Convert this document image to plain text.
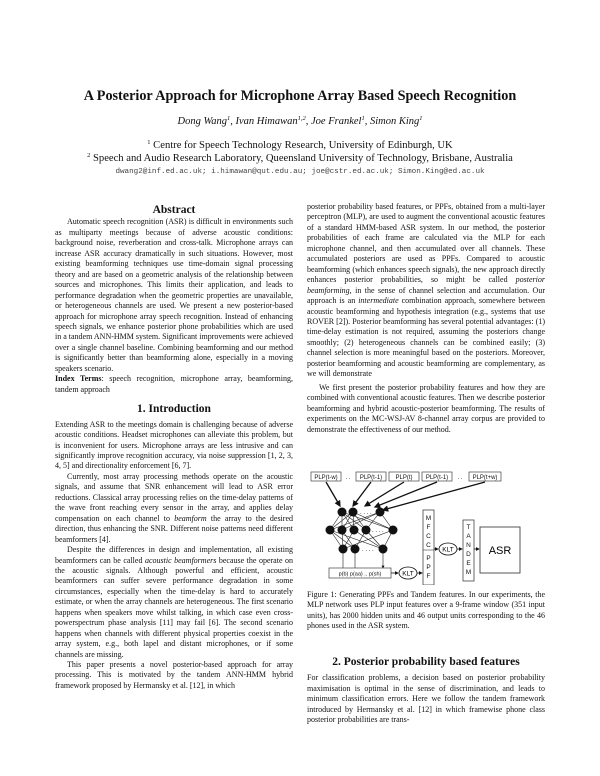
A Posterior Approach for Microphone Array Based Speech Recognition
Dong Wang$^1$, Ivan Himawan$^{1,2}$, Joe Frankel$^1$, Simon King$^1$
$^1$ Centre for Speech Technology Research, University of Edinburgh, UK
$^2$ Speech and Audio Research Laboratory, Queensland University of Technology, Brisbane, Australia
dwang2@inf.ed.ac.uk; i.himawan@qut.edu.au; joe@cstr.ed.ac.uk; Simon.King@ed.ac.uk
Abstract

Automatic speech recognition (ASR) is difficult in environments such as multiparty meetings because of adverse acoustic conditions: background noise, reverberation and cross-talk. Microphone arrays can increase ASR accuracy dramatically in such situations. However, most existing beamforming techniques use time-domain signal processing theory and are based on a geometric analysis of the relationship between sources and microphones. This limits their application, and leads to performance degradation when the geometric properties are unavailable, or heterogeneous channels are used. We present a new posterior-based approach for microphone array speech recognition. Instead of enhancing speech signals, we enhance posterior phone probabilities which are used in a tandem ANN-HMM system. Significant improvements were achieved over a single channel baseline. Combining beamforming and our method is significantly better than beamforming alone, especially in a moving speakers scenario.

Index Terms: speech recognition, microphone array, beamforming, tandem approach

1. Introduction

Extending ASR to the meetings domain is challenging because of adverse acoustic conditions. Headset microphones can alleviate this problem, but is inconvenient for users. Microphone arrays are less intrusive and can significantly improve recognition accuracy, via noise suppression [1, 2, 3, 4, 5] and directionality enforcement [6, 7].

Currently, most array processing methods operate on the acoustic signals, and assume that SNR enhancement will lead to ASR error reductions. Classical array processing relies on the time-delay patterns of the wave front reaching every sensor in the array, and applies delay compensation on each channel to beamform the array to the desired direction, thus enhancing the SNR. Different noise patterns need different beamformers [4].

Despite the differences in design and implementation, all existing beamformers can be called acoustic beamformers because the operate on the acoustic signals. Although powerful and efficient, acoustic beamformers can suffer severe performance degradation in some circumstances, especially when the time-delay is hard to accurately estimate, or when the array channels are heterogeneous. The first scenario happens when speakers move whilst talking, in which case even cross-powerspectrum phase analysis [11] may fail [6]. The second scenario happens when channels with different physical properties coexist in the array system, e.g., both lapel and distant microphones, or if some channels are missing.

This paper presents a novel posterior-based approach for array processing. This is motivated by the tandem ANN-HMM hybrid framework proposed by Hermansky et al. [12], in which

posterior probability based features, or PPFs, obtained from a multi-layer perceptron (MLP), are used to augment the conventional acoustic features of a standard HMM-based ASR system. In our method, the posterior probabilities of each frame are calculated via the MLP for each microphone channel, and then accumulated over all channels. These accumulated posteriors are used as PPFs. Compared to acoustic beamforming (which enhances speech signals), the new approach directly enhances posterior probabilities, so might be called posterior beamforming, in the sense of channel selection and accumulation. Our approach is an intermediate combination approach, somewhere between acoustic beamforming and hypothesis integration (e.g., systems that use ROVER [2]). Posterior beamforming has several potential advantages: (1) time-delay estimation is not required, assuming the posteriors change smoothly; (2) heterogeneous channels can be combined easily; (3) channel selection is more meaningful based on the posteriors. Moreover, posterior beamforming and acoustic beamforming are complementary, as we will demonstrate

We first present the posterior probability features and how they are combined with conventional acoustic features. Then we describe posterior beamforming and hybrid acoustic-posterior beamforming. The results of experiments on the MC-WSJ-AV 8-channel array corpus are provided to demonstrate the effectiveness of our method.

PLP(t-w) . . PLP(t-1) PLP(t) PLP(t-1) . . PLP(t+w)
. . . .
. . . .
. . . .
p(b) p(aa) .. p(sh)	KLT
M
F
C
C
P
P
F
KLT
T
A
N
D
E
M
ASR
Figure 1: Generating PPFs and Tandem features. In our experiments, the MLP network uses PLP input features over a 9-frame window (351 input units), has 2000 hidden units and 46 output units corresponding to the 46 phones used in the ASR system.
2. Posterior probability based features

For classification problems, a decision based on posterior probability maximisation is optimal in the sense of discrimination, and leads to minimum classification errors. Here we follow the tandem framework introduced by Hermansky et al. [12] in which framewise phone class posterior probabilities are trans-
